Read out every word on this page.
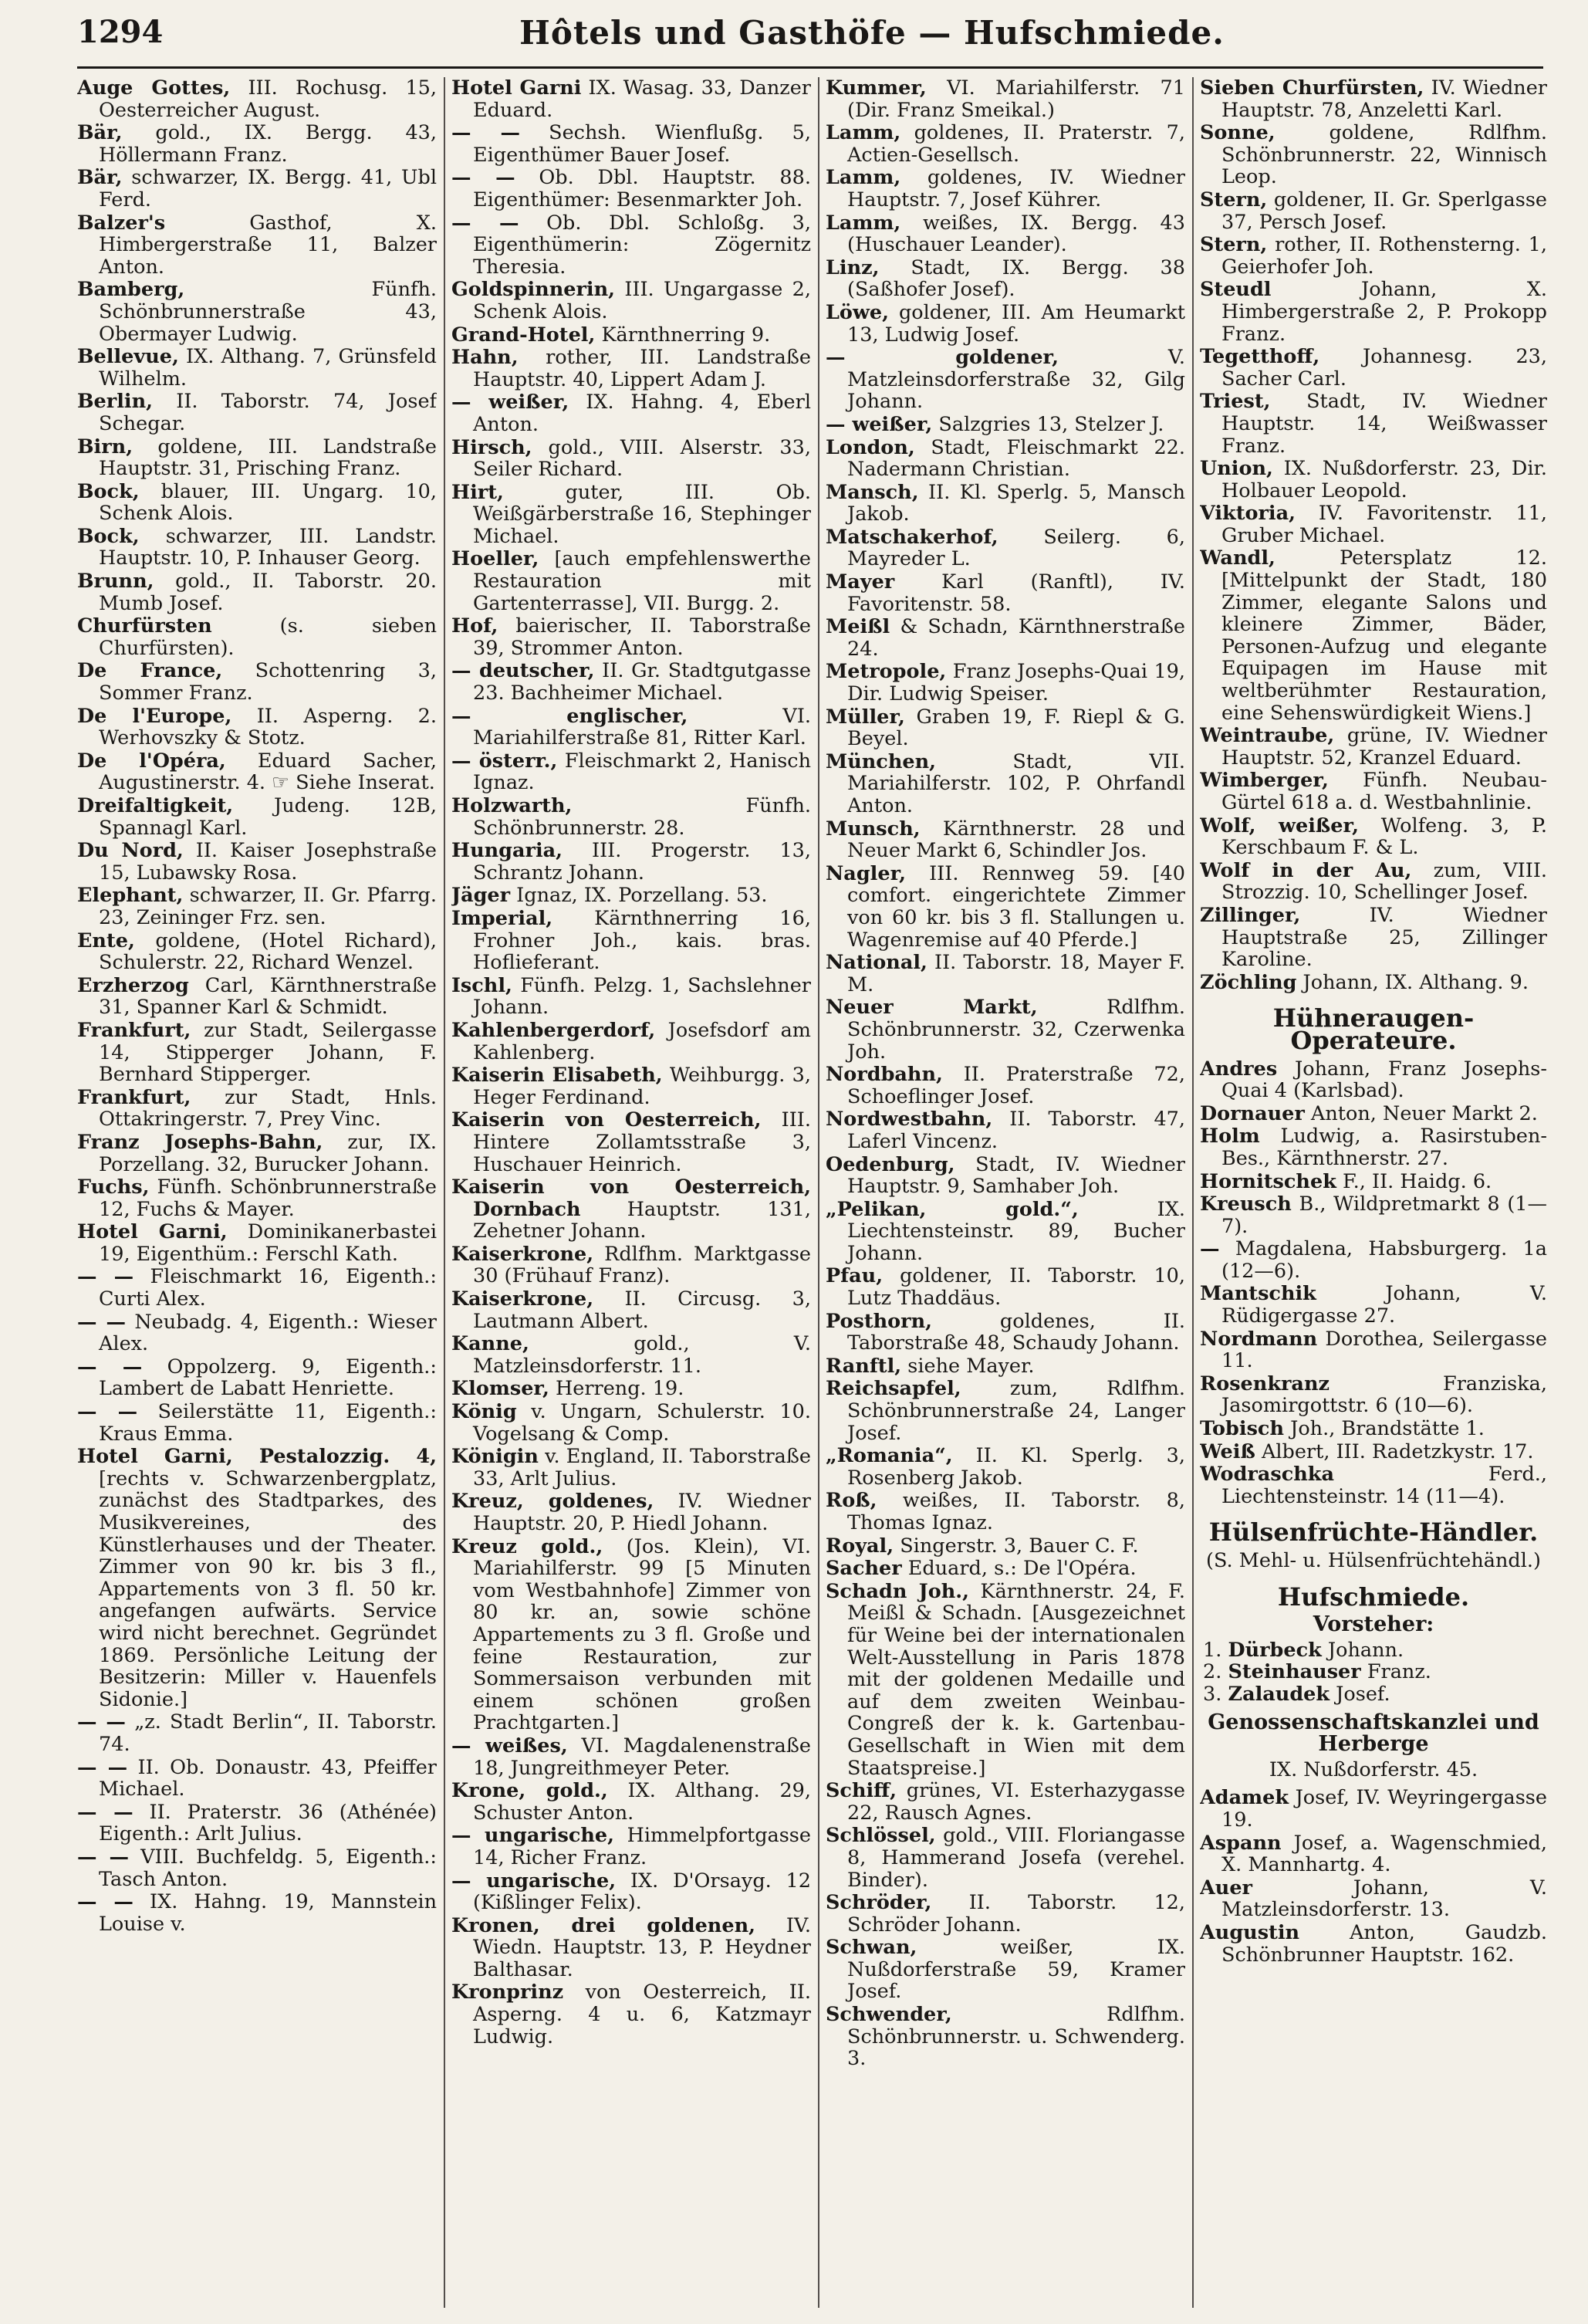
1294	Hôtels und Gasthöfe — Hufschmiede.

Auge Gottes, III. Rochusg. 15, Oesterreicher August.

Bär, gold., IX. Bergg. 43, Höllermann Franz.

Bär, schwarzer, IX. Bergg. 41, Ubl Ferd.

Balzer's Gasthof, X. Himbergerstraße 11, Balzer Anton.

Bamberg, Fünfh. Schönbrunnerstraße 43, Obermayer Ludwig.

Bellevue, IX. Althang. 7, Grünsfeld Wilhelm.

Berlin, II. Taborstr. 74, Josef Schegar.

Birn, goldene, III. Landstraße Hauptstr. 31, Prisching Franz.

Bock, blauer, III. Ungarg. 10, Schenk Alois.

Bock, schwarzer, III. Landstr. Hauptstr. 10, P. Inhauser Georg.

Brunn, gold., II. Taborstr. 20. Mumb Josef.

Churfürsten (s. sieben Churfürsten).

De France, Schottenring 3, Sommer Franz.

De l'Europe, II. Asperng. 2. Werhovszky & Stotz.

De l'Opéra, Eduard Sacher, Augustinerstr. 4. ☞ Siehe Inserat.

Dreifaltigkeit, Judeng. 12B, Spannagl Karl.

Du Nord, II. Kaiser Josephstraße 15, Lubawsky Rosa.

Elephant, schwarzer, II. Gr. Pfarrg. 23, Zeininger Frz. sen.

Ente, goldene, (Hotel Richard), Schulerstr. 22, Richard Wenzel.

Erzherzog Carl, Kärnthnerstraße 31, Spanner Karl & Schmidt.

Frankfurt, zur Stadt, Seilergasse 14, Stipperger Johann, F. Bernhard Stipperger.

Frankfurt, zur Stadt, Hnls. Ottakringerstr. 7, Prey Vinc.

Franz Josephs-Bahn, zur, IX. Porzellang. 32, Burucker Johann.

Fuchs, Fünfh. Schönbrunnerstraße 12, Fuchs & Mayer.

Hotel Garni, Dominikanerbastei 19, Eigenthüm.: Ferschl Kath.

— — Fleischmarkt 16, Eigenth.: Curti Alex.

— — Neubadg. 4, Eigenth.: Wieser Alex.

— — Oppolzerg. 9, Eigenth.: Lambert de Labatt Henriette.

— — Seilerstätte 11, Eigenth.: Kraus Emma.

Hotel Garni, Pestalozzig. 4, [rechts v. Schwarzenbergplatz, zunächst des Stadtparkes, des Musikvereines, des Künstlerhauses und der Theater. Zimmer von 90 kr. bis 3 fl., Appartements von 3 fl. 50 kr. angefangen aufwärts. Service wird nicht berechnet. Gegründet 1869. Persönliche Leitung der Besitzerin: Miller v. Hauenfels Sidonie.]

— — „z. Stadt Berlin“, II. Taborstr. 74.

— — II. Ob. Donaustr. 43, Pfeiffer Michael.

— — II. Praterstr. 36 (Athénée) Eigenth.: Arlt Julius.

— — VIII. Buchfeldg. 5, Eigenth.: Tasch Anton.

— — IX. Hahng. 19, Mannstein Louise v.

Hotel Garni IX. Wasag. 33, Danzer Eduard.

— — Sechsh. Wienflußg. 5, Eigenthümer Bauer Josef.

— — Ob. Dbl. Hauptstr. 88. Eigenthümer: Besenmarkter Joh.

— — Ob. Dbl. Schloßg. 3, Eigenthümerin: Zögernitz Theresia.

Goldspinnerin, III. Ungargasse 2, Schenk Alois.

Grand-Hotel, Kärnthnerring 9.

Hahn, rother, III. Landstraße Hauptstr. 40, Lippert Adam J.

— weißer, IX. Hahng. 4, Eberl Anton.

Hirsch, gold., VIII. Alserstr. 33, Seiler Richard.

Hirt, guter, III. Ob. Weißgärberstraße 16, Stephinger Michael.

Hoeller, [auch empfehlenswerthe Restauration mit Gartenterrasse], VII. Burgg. 2.

Hof, baierischer, II. Taborstraße 39, Strommer Anton.

— deutscher, II. Gr. Stadtgutgasse 23. Bachheimer Michael.

— englischer, VI. Mariahilferstraße 81, Ritter Karl.

— österr., Fleischmarkt 2, Hanisch Ignaz.

Holzwarth, Fünfh. Schönbrunnerstr. 28.

Hungaria, III. Progerstr. 13, Schrantz Johann.

Jäger Ignaz, IX. Porzellang. 53.

Imperial, Kärnthnerring 16, Frohner Joh., kais. bras. Hoflieferant.

Ischl, Fünfh. Pelzg. 1, Sachslehner Johann.

Kahlenbergerdorf, Josefsdorf am Kahlenberg.

Kaiserin Elisabeth, Weihburgg. 3, Heger Ferdinand.

Kaiserin von Oesterreich, III. Hintere Zollamtsstraße 3, Huschauer Heinrich.

Kaiserin von Oesterreich, Dornbach Hauptstr. 131, Zehetner Johann.

Kaiserkrone, Rdlfhm. Marktgasse 30 (Frühauf Franz).

Kaiserkrone, II. Circusg. 3, Lautmann Albert.

Kanne, gold., V. Matzleinsdorferstr. 11.

Klomser, Herreng. 19.

König v. Ungarn, Schulerstr. 10. Vogelsang & Comp.

Königin v. England, II. Taborstraße 33, Arlt Julius.

Kreuz, goldenes, IV. Wiedner Hauptstr. 20, P. Hiedl Johann.

Kreuz gold., (Jos. Klein), VI. Mariahilferstr. 99 [5 Minuten vom Westbahnhofe] Zimmer von 80 kr. an, sowie schöne Appartements zu 3 fl. Große und feine Restauration, zur Sommersaison verbunden mit einem schönen großen Prachtgarten.]

— weißes, VI. Magdalenenstraße 18, Jungreithmeyer Peter.

Krone, gold., IX. Althang. 29, Schuster Anton.

— ungarische, Himmelpfortgasse 14, Richer Franz.

— ungarische, IX. D'Orsayg. 12 (Kißlinger Felix).

Kronen, drei goldenen, IV. Wiedn. Hauptstr. 13, P. Heydner Balthasar.

Kronprinz von Oesterreich, II. Asperng. 4 u. 6, Katzmayr Ludwig.

Kummer, VI. Mariahilferstr. 71 (Dir. Franz Smeikal.)

Lamm, goldenes, II. Praterstr. 7, Actien-Gesellsch.

Lamm, goldenes, IV. Wiedner Hauptstr. 7, Josef Kührer.

Lamm, weißes, IX. Bergg. 43 (Huschauer Leander).

Linz, Stadt, IX. Bergg. 38 (Saßhofer Josef).

Löwe, goldener, III. Am Heumarkt 13, Ludwig Josef.

— goldener, V. Matzleinsdorferstraße 32, Gilg Johann.

— weißer, Salzgries 13, Stelzer J.

London, Stadt, Fleischmarkt 22. Nadermann Christian.

Mansch, II. Kl. Sperlg. 5, Mansch Jakob.

Matschakerhof, Seilerg. 6, Mayreder L.

Mayer Karl (Ranftl), IV. Favoritenstr. 58.

Meißl & Schadn, Kärnthnerstraße 24.

Metropole, Franz Josephs-Quai 19, Dir. Ludwig Speiser.

Müller, Graben 19, F. Riepl & G. Beyel.

München, Stadt, VII. Mariahilferstr. 102, P. Ohrfandl Anton.

Munsch, Kärnthnerstr. 28 und Neuer Markt 6, Schindler Jos.

Nagler, III. Rennweg 59. [40 comfort. eingerichtete Zimmer von 60 kr. bis 3 fl. Stallungen u. Wagenremise auf 40 Pferde.]

National, II. Taborstr. 18, Mayer F. M.

Neuer Markt, Rdlfhm. Schönbrunnerstr. 32, Czerwenka Joh.

Nordbahn, II. Praterstraße 72, Schoeflinger Josef.

Nordwestbahn, II. Taborstr. 47, Laferl Vincenz.

Oedenburg, Stadt, IV. Wiedner Hauptstr. 9, Samhaber Joh.

„Pelikan, gold.“, IX. Liechtensteinstr. 89, Bucher Johann.

Pfau, goldener, II. Taborstr. 10, Lutz Thaddäus.

Posthorn, goldenes, II. Taborstraße 48, Schaudy Johann.

Ranftl, siehe Mayer.

Reichsapfel, zum, Rdlfhm. Schönbrunnerstraße 24, Langer Josef.

„Romania“, II. Kl. Sperlg. 3, Rosenberg Jakob.

Roß, weißes, II. Taborstr. 8, Thomas Ignaz.

Royal, Singerstr. 3, Bauer C. F.

Sacher Eduard, s.: De l'Opéra.

Schadn Joh., Kärnthnerstr. 24, F. Meißl & Schadn. [Ausgezeichnet für Weine bei der internationalen Welt-Ausstellung in Paris 1878 mit der goldenen Medaille und auf dem zweiten Weinbau-Congreß der k. k. Gartenbau-Gesellschaft in Wien mit dem Staatspreise.]

Schiff, grünes, VI. Esterhazygasse 22, Rausch Agnes.

Schlössel, gold., VIII. Floriangasse 8, Hammerand Josefa (verehel. Binder).

Schröder, II. Taborstr. 12, Schröder Johann.

Schwan, weißer, IX. Nußdorferstraße 59, Kramer Josef.

Schwender, Rdlfhm. Schönbrunnerstr. u. Schwenderg. 3.

Sieben Churfürsten, IV. Wiedner Hauptstr. 78, Anzeletti Karl.

Sonne, goldene, Rdlfhm. Schönbrunnerstr. 22, Winnisch Leop.

Stern, goldener, II. Gr. Sperlgasse 37, Persch Josef.

Stern, rother, II. Rothensterng. 1, Geierhofer Joh.

Steudl Johann, X. Himbergerstraße 2, P. Prokopp Franz.

Tegetthoff, Johannesg. 23, Sacher Carl.

Triest, Stadt, IV. Wiedner Hauptstr. 14, Weißwasser Franz.

Union, IX. Nußdorferstr. 23, Dir. Holbauer Leopold.

Viktoria, IV. Favoritenstr. 11, Gruber Michael.

Wandl, Petersplatz 12. [Mittelpunkt der Stadt, 180 Zimmer, elegante Salons und kleinere Zimmer, Bäder, Personen-Aufzug und elegante Equipagen im Hause mit weltberühmter Restauration, eine Sehenswürdigkeit Wiens.]

Weintraube, grüne, IV. Wiedner Hauptstr. 52, Kranzel Eduard.

Wimberger, Fünfh. Neubau-Gürtel 618 a. d. Westbahnlinie.

Wolf, weißer, Wolfeng. 3, P. Kerschbaum F. & L.

Wolf in der Au, zum, VIII. Strozzig. 10, Schellinger Josef.

Zillinger, IV. Wiedner Hauptstraße 25, Zillinger Karoline.

Zöchling Johann, IX. Althang. 9.

Hühneraugen-Operateure.

Andres Johann, Franz Josephs-Quai 4 (Karlsbad).

Dornauer Anton, Neuer Markt 2.

Holm Ludwig, a. Rasirstuben-Bes., Kärnthnerstr. 27.

Hornitschek F., II. Haidg. 6.

Kreusch B., Wildpretmarkt 8 (1—7).

— Magdalena, Habsburgerg. 1a (12—6).

Mantschik Johann, V. Rüdigergasse 27.

Nordmann Dorothea, Seilergasse 11.

Rosenkranz Franziska, Jasomirgottstr. 6 (10—6).

Tobisch Joh., Brandstätte 1.

Weiß Albert, III. Radetzkystr. 17.

Wodraschka Ferd., Liechtensteinstr. 14 (11—4).

Hülsenfrüchte-Händler.
(S. Mehl- u. Hülsenfrüchtehändl.)
Hufschmiede.
Vorsteher:
1. Dürbeck Johann.
2. Steinhauser Franz.
3. Zalaudek Josef.
Genossenschaftskanzlei und Herberge
IX. Nußdorferstr. 45.

Adamek Josef, IV. Weyringergasse 19.

Aspann Josef, a. Wagenschmied, X. Mannhartg. 4.

Auer Johann, V. Matzleinsdorferstr. 13.

Augustin Anton, Gaudzb. Schönbrunner Hauptstr. 162.
